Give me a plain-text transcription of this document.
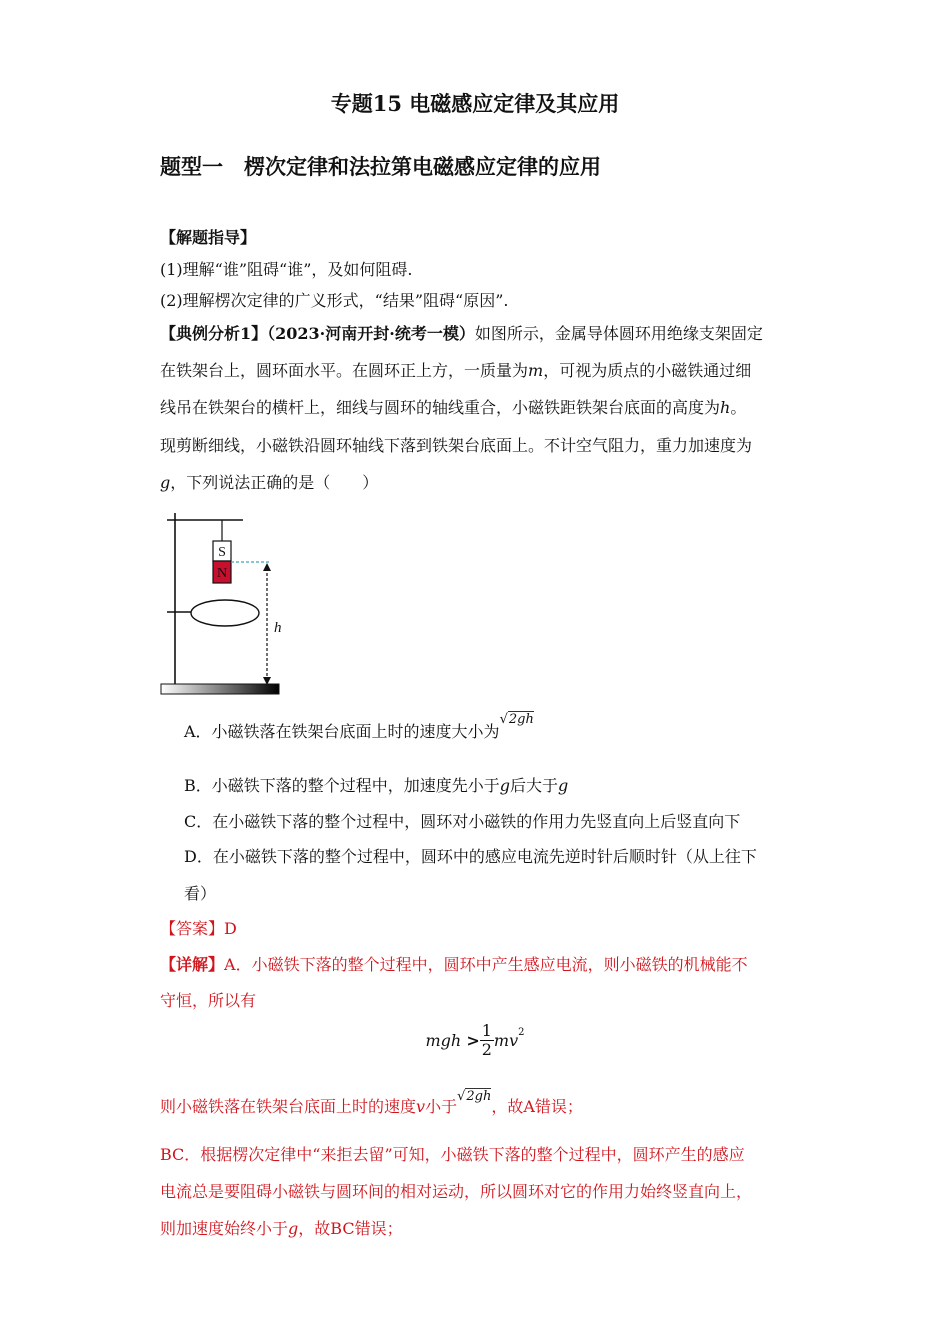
专题15 电磁感应定律及其应用
题型一　楞次定律和法拉第电磁感应定律的应用
【解题指导】
(1)理解“谁”阻碍“谁”，及如何阻碍.
(2)理解楞次定律的广义形式，“结果”阻碍“原因”.
【典例分析1】（2023·河南开封·统考一模）如图所示，金属导体圆环用绝缘支架固定
在铁架台上，圆环面水平。在圆环正上方，一质量为m，可视为质点的小磁铁通过细
线吊在铁架台的横杆上，细线与圆环的轴线重合，小磁铁距铁架台底面的高度为h。
现剪断细线，小磁铁沿圆环轴线下落到铁架台底面上。不计空气阻力，重力加速度为
g，下列说法正确的是（　　）
S
N
h
A．小磁铁落在铁架台底面上时的速度大小为$^{√2gh}$
B．小磁铁下落的整个过程中，加速度先小于g后大于g
C．在小磁铁下落的整个过程中，圆环对小磁铁的作用力先竖直向上后竖直向下
D．在小磁铁下落的整个过程中，圆环中的感应电流先逆时针后顺时针（从上往下
看）
【答案】D
【详解】A．小磁铁下落的整个过程中，圆环中产生感应电流，则小磁铁的机械能不
守恒，所以有
mgh > $\frac{1}{2} mv^2$
则小磁铁落在铁架台底面上时的速度v小于$^{√2gh}$，故A错误；
BC．根据楞次定律中“来拒去留”可知，小磁铁下落的整个过程中，圆环产生的感应
电流总是要阻碍小磁铁与圆环间的相对运动，所以圆环对它的作用力始终竖直向上，
则加速度始终小于g，故BC错误；
